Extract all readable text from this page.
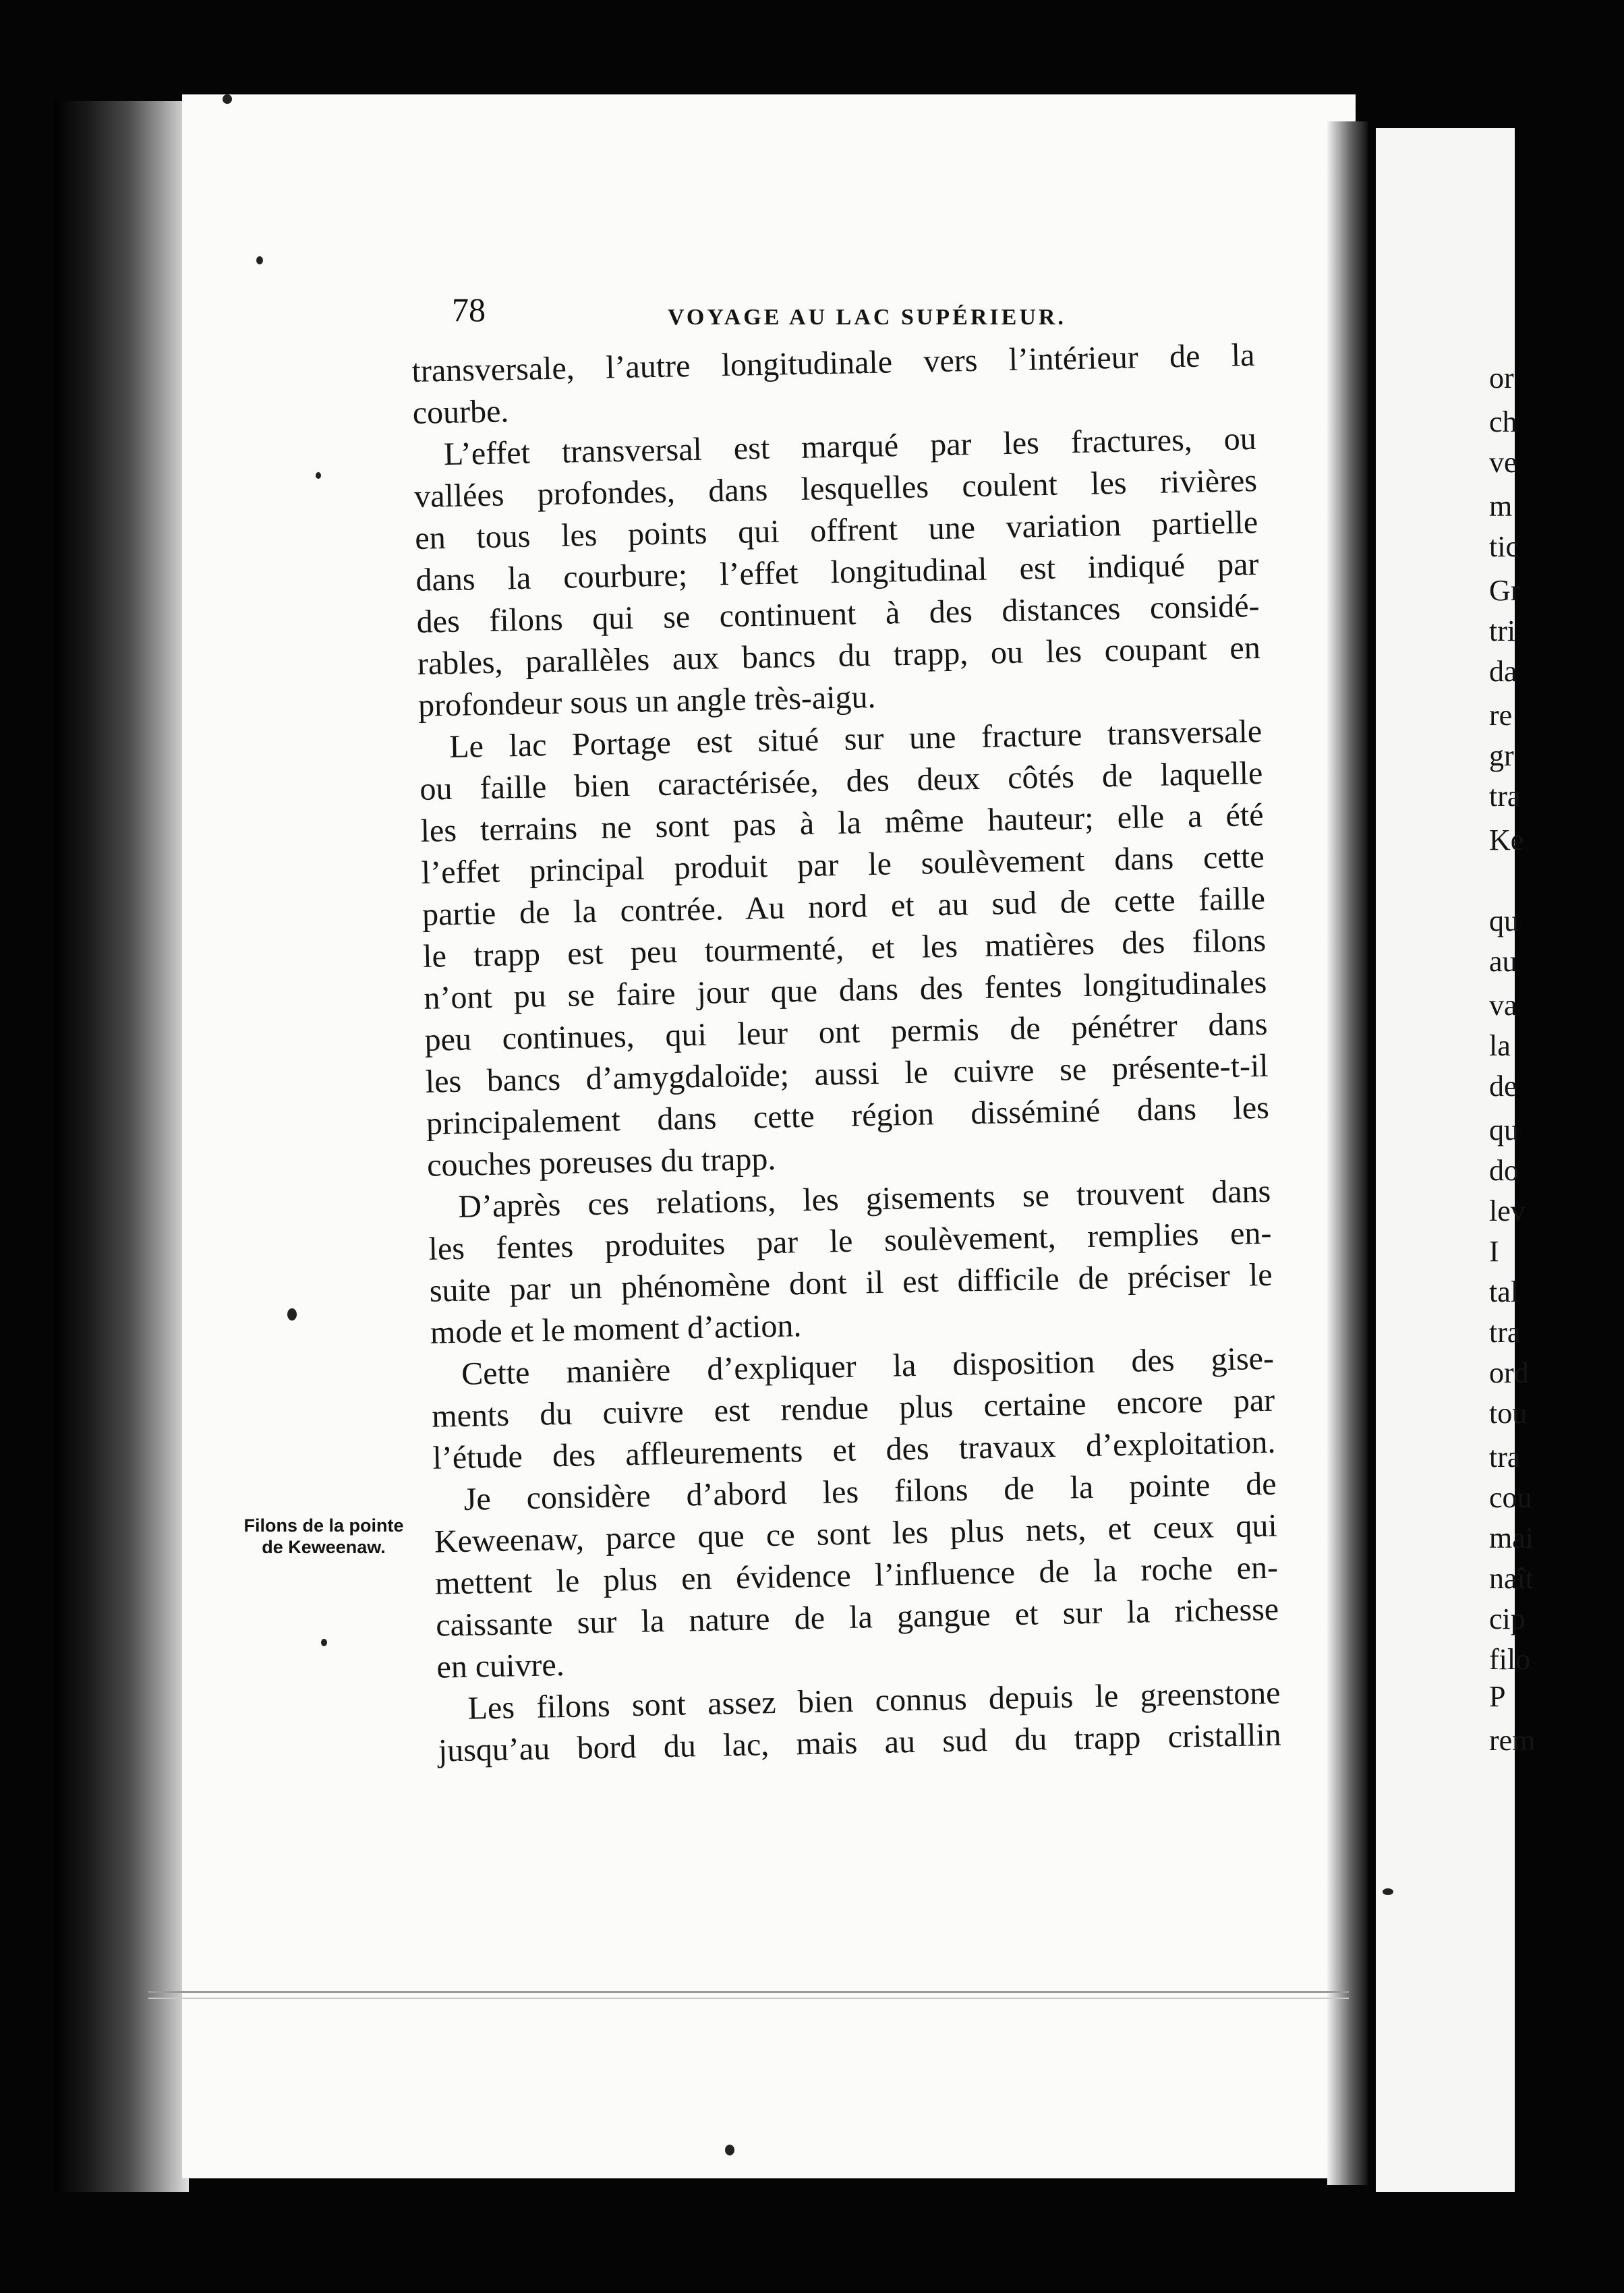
or
ch
ve
m
tic
Gr
tri
da
re
gr
tra
Ke
qu
au
va
la
de
qu
do
lev
I
tal
tra
ord
tou
tra
cou
mai
naît
cip
filo
P
rem
78	VOYAGE AU LAC SUPÉRIEUR.
Filons de la pointe
de Keweenaw.
transversale, l’autre longitudinale vers l’intérieur de la
courbe.
L’effet transversal est marqué par les fractures, ou
vallées profondes, dans lesquelles coulent les rivières
en tous les points qui offrent une variation partielle
dans la courbure; l’effet longitudinal est indiqué par
des filons qui se continuent à des distances considé-
rables, parallèles aux bancs du trapp, ou les coupant en
profondeur sous un angle très-aigu.
Le lac Portage est situé sur une fracture transversale
ou faille bien caractérisée, des deux côtés de laquelle
les terrains ne sont pas à la même hauteur; elle a été
l’effet principal produit par le soulèvement dans cette
partie de la contrée. Au nord et au sud de cette faille
le trapp est peu tourmenté, et les matières des filons
n’ont pu se faire jour que dans des fentes longitudinales
peu continues, qui leur ont permis de pénétrer dans
les bancs d’amygdaloïde; aussi le cuivre se présente-t-il
principalement dans cette région disséminé dans les
couches poreuses du trapp.
D’après ces relations, les gisements se trouvent dans
les fentes produites par le soulèvement, remplies en-
suite par un phénomène dont il est difficile de préciser le
mode et le moment d’action.
Cette manière d’expliquer la disposition des gise-
ments du cuivre est rendue plus certaine encore par
l’étude des affleurements et des travaux d’exploitation.
Je considère d’abord les filons de la pointe de
Keweenaw, parce que ce sont les plus nets, et ceux qui
mettent le plus en évidence l’influence de la roche en-
caissante sur la nature de la gangue et sur la richesse
en cuivre.
Les filons sont assez bien connus depuis le greenstone
jusqu’au bord du lac, mais au sud du trapp cristallin
